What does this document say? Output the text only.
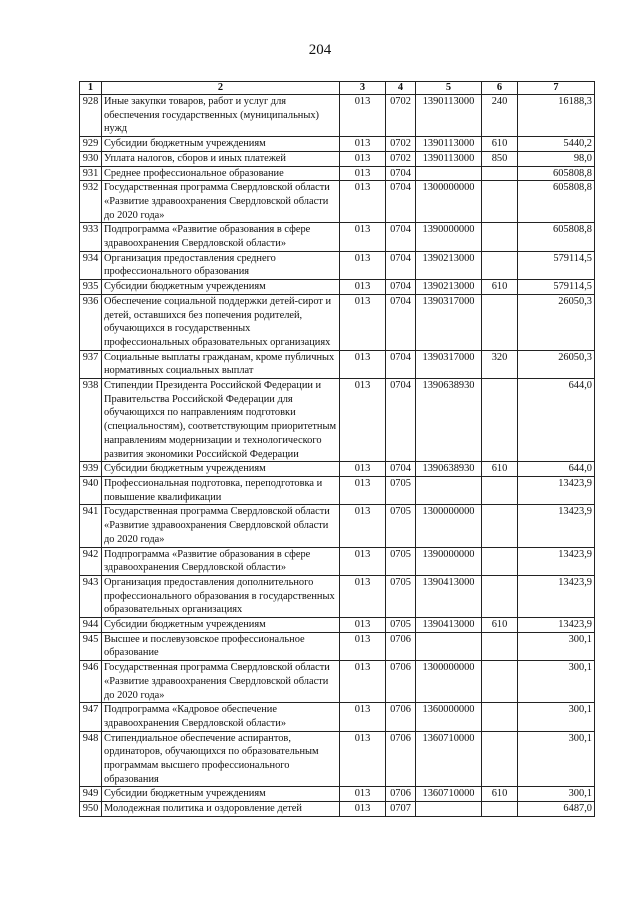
204
1	2	3	4	5	6	7
928	Иные закупки товаров, работ и услуг для обеспечения государственных (муниципальных) нужд	013	0702	1390113000	240	16188,3
929	Субсидии бюджетным учреждениям	013	0702	1390113000	610	5440,2
930	Уплата налогов, сборов и иных платежей	013	0702	1390113000	850	98,0
931	Среднее профессиональное образование	013	0704			605808,8
932	Государственная программа Свердловской области «Развитие здравоохранения Свердловской области до 2020 года»	013	0704	1300000000		605808,8
933	Подпрограмма «Развитие образования в сфере здравоохранения Свердловской области»	013	0704	1390000000		605808,8
934	Организация предоставления среднего профессионального образования	013	0704	1390213000		579114,5
935	Субсидии бюджетным учреждениям	013	0704	1390213000	610	579114,5
936	Обеспечение социальной поддержки детей-сирот и детей, оставшихся без попечения родителей, обучающихся в государственных профессиональных образовательных организациях	013	0704	1390317000		26050,3
937	Социальные выплаты гражданам, кроме публичных нормативных социальных выплат	013	0704	1390317000	320	26050,3
938	Стипендии Президента Российской Федерации и Правительства Российской Федерации для обучающихся по направлениям подготовки (специальностям), соответствующим приоритетным направлениям модернизации и технологического развития экономики Российской Федерации	013	0704	1390638930		644,0
939	Субсидии бюджетным учреждениям	013	0704	1390638930	610	644,0
940	Профессиональная подготовка, переподготовка и повышение квалификации	013	0705			13423,9
941	Государственная программа Свердловской области «Развитие здравоохранения Свердловской области до 2020 года»	013	0705	1300000000		13423,9
942	Подпрограмма «Развитие образования в сфере здравоохранения Свердловской области»	013	0705	1390000000		13423,9
943	Организация предоставления дополнительного профессионального образования в государственных образовательных организациях	013	0705	1390413000		13423,9
944	Субсидии бюджетным учреждениям	013	0705	1390413000	610	13423,9
945	Высшее и послевузовское профессиональное образование	013	0706			300,1
946	Государственная программа Свердловской области «Развитие здравоохранения Свердловской области до 2020 года»	013	0706	1300000000		300,1
947	Подпрограмма «Кадровое обеспечение здравоохранения Свердловской области»	013	0706	1360000000		300,1
948	Стипендиальное обеспечение аспирантов, ординаторов, обучающихся по образовательным программам высшего профессионального образования	013	0706	1360710000		300,1
949	Субсидии бюджетным учреждениям	013	0706	1360710000	610	300,1
950	Молодежная политика и оздоровление детей	013	0707			6487,0
